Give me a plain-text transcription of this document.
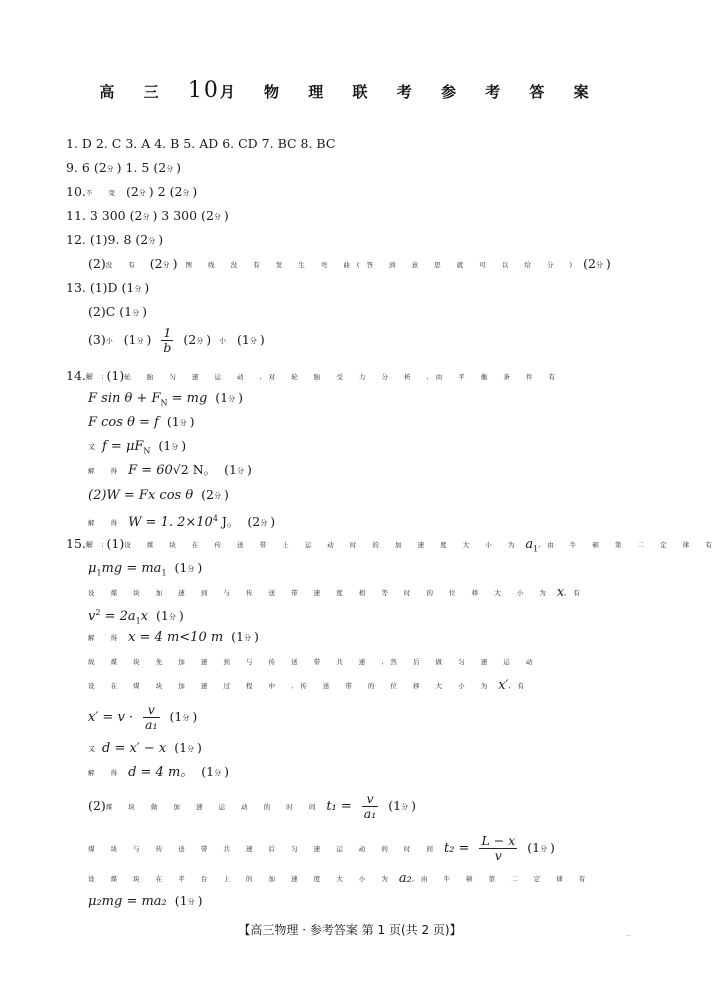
高 三 10月 物 理 联 考 参 考 答 案
1. D 2. C 3. A 4. B 5. AD 6. CD 7. BC 8. BC
9. 6 (2分) 1. 5 (2分)
10.不 变 (2分) 2 (2分)
11. 3 300 (2分) 3 300 (2分)
12. (1)9. 8 (2分)
(2)没 有 (2分) 图 线 没 有 发 生 弯 曲(答 到 意 思 就 可 以 给 分 ) (2分)
13. (1)D (1分)
(2)C (1分)
(3)小 (1分) $\frac{1}{b} (2$分) 小 (1分)
14.解 :(1)轮 胎 匀 速 运 动 ,对 轮 胎 受 力 分 析 ,由 平 衡 条 件 有
F $\sin \theta + F_N$ = mg (1分)
F cos θ = f (1分)
又 $f = \mu F_N$ (1分)
解 得 F = 60√2 N。 (1分)
(2)W = Fx cos θ (2分)
解 得 W = 1. $2\times 10^4$ J。 (2分)
15.解 :(1)设 煤 块 在 传 送 带 上 运 动 时 的 加 速 度 大 小 为 $a_1$,由 牛 顿 第 二 定 律 有
$\mu_1mg = ma_1$ (1分)
设 煤 块 加 速 到 与 传 送 带 速 度 相 等 时 的 位 移 大 小 为 x,有
$v^2 = 2a_1x$ (1分)
解 得 x = 4 m<10 m (1分)
故 煤 块 先 加 速 到 与 传 送 带 共 速 ,然 后 做 匀 速 运 动
设 在 煤 块 加 速 过 程 中 ,传 送 带 的 位 移 大 小 为 x′,有
$x' = v \cdot \frac{v}{\text{a₁}} (1$分)
又 d = x′ − x (1分)
解 得 d = 4 m。 (1分)
(2)煤 块 做 加 速 运 动 的 时 间 $t_1 = \frac{v}{\text{a₁}} (1$分)
煤 块 与 传 送 带 共 速 后 匀 速 运 动 的 时 间 $t_2 = \frac{L - x}{v} (1$分)
设 煤 块 在 平 台 上 的 加 速 度 大 小 为 a₂,由 牛 顿 第 二 定 律 有
μ₂mg = ma₂ (1分)
【高三物理 · 参考答案 第 1 页(共 2 页)】	..
